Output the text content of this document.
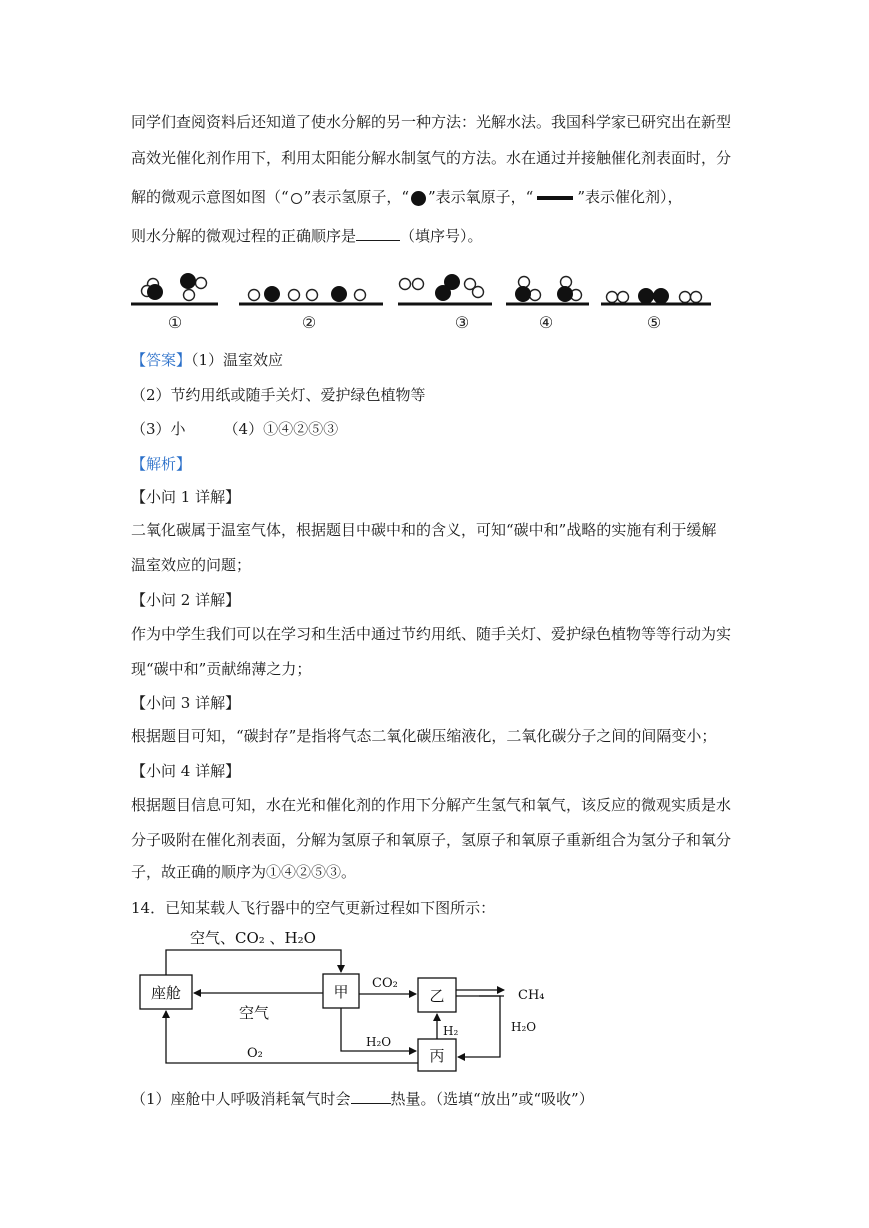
同学们查阅资料后还知道了使水分解的另一种方法：光解水法。我国科学家已研究出在新型
高效光催化剂作用下，利用太阳能分解水制氢气的方法。水在通过并接触催化剂表面时，分
解的微观示意图如图（“ ”表示氢原子，“ ”表示氧原子，“	”表示催化剂），
则水分解的微观过程的正确顺序是	（填序号）。
①	②	③	④	⑤
【答案】（1）温室效应
（2）节约用纸或随手关灯、爱护绿色植物等
（3）小	（4）①④②⑤③
【解析】
【小问 1 详解】
二氧化碳属于温室气体，根据题目中碳中和的含义，可知“碳中和”战略的实施有利于缓解
温室效应的问题；
【小问 2 详解】
作为中学生我们可以在学习和生活中通过节约用纸、随手关灯、爱护绿色植物等等行动为实
现“碳中和”贡献绵薄之力；
【小问 3 详解】
根据题目可知，“碳封存”是指将气态二氧化碳压缩液化，二氧化碳分子之间的间隔变小；
【小问 4 详解】
根据题目信息可知，水在光和催化剂的作用下分解产生氢气和氧气，该反应的微观实质是水
分子吸附在催化剂表面，分解为氢原子和氧原子，氢原子和氧原子重新组合为氢分子和氧分
子，故正确的顺序为①④②⑤③。
14．已知某载人飞行器中的空气更新过程如下图所示：
座舱	甲	乙
丙
空气、CO₂ 、H₂O
空气
CO₂
CH₄
H₂
H₂O
H₂O
O₂
（1）座舱中人呼吸消耗氧气时会	热量。（选填“放出”或“吸收”）
